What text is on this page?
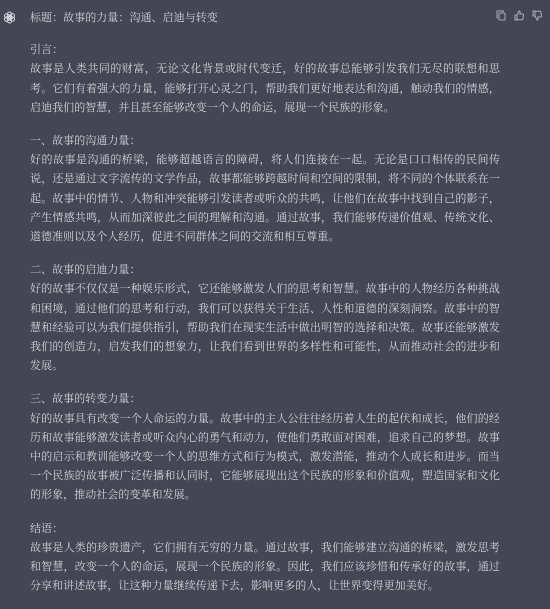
标题：故事的力量：沟通、启迪与转变
引言：
故事是人类共同的财富，无论文化背景或时代变迁，好的故事总能够引发我们无尽的联想和思考。它们有着强大的力量，能够打开心灵之门，帮助我们更好地表达和沟通，触动我们的情感，启迪我们的智慧，并且甚至能够改变一个人的命运，展现一个民族的形象。
一、故事的沟通力量：
好的故事是沟通的桥梁，能够超越语言的障碍，将人们连接在一起。无论是口口相传的民间传说，还是通过文字流传的文学作品，故事都能够跨越时间和空间的限制，将不同的个体联系在一起。故事中的情节、人物和冲突能够引发读者或听众的共鸣，让他们在故事中找到自己的影子，产生情感共鸣，从而加深彼此之间的理解和沟通。通过故事，我们能够传递价值观、传统文化、道德准则以及个人经历，促进不同群体之间的交流和相互尊重。
二、故事的启迪力量：
好的故事不仅仅是一种娱乐形式，它还能够激发人们的思考和智慧。故事中的人物经历各种挑战和困境，通过他们的思考和行动，我们可以获得关于生活、人性和道德的深刻洞察。故事中的智慧和经验可以为我们提供指引，帮助我们在现实生活中做出明智的选择和决策。故事还能够激发我们的创造力，启发我们的想象力，让我们看到世界的多样性和可能性，从而推动社会的进步和发展。
三、故事的转变力量：
好的故事具有改变一个人命运的力量。故事中的主人公往往经历着人生的起伏和成长，他们的经历和故事能够激发读者或听众内心的勇气和动力，使他们勇敢面对困难，追求自己的梦想。故事中的启示和教训能够改变一个人的思维方式和行为模式，激发潜能，推动个人成长和进步。而当一个民族的故事被广泛传播和认同时，它能够展现出这个民族的形象和价值观，塑造国家和文化的形象，推动社会的变革和发展。
结语：
故事是人类的珍贵遗产，它们拥有无穷的力量。通过故事，我们能够建立沟通的桥梁，激发思考和智慧，改变一个人的命运，展现一个民族的形象。因此，我们应该珍惜和传承好的故事，通过分享和讲述故事，让这种力量继续传递下去，影响更多的人，让世界变得更加美好。
